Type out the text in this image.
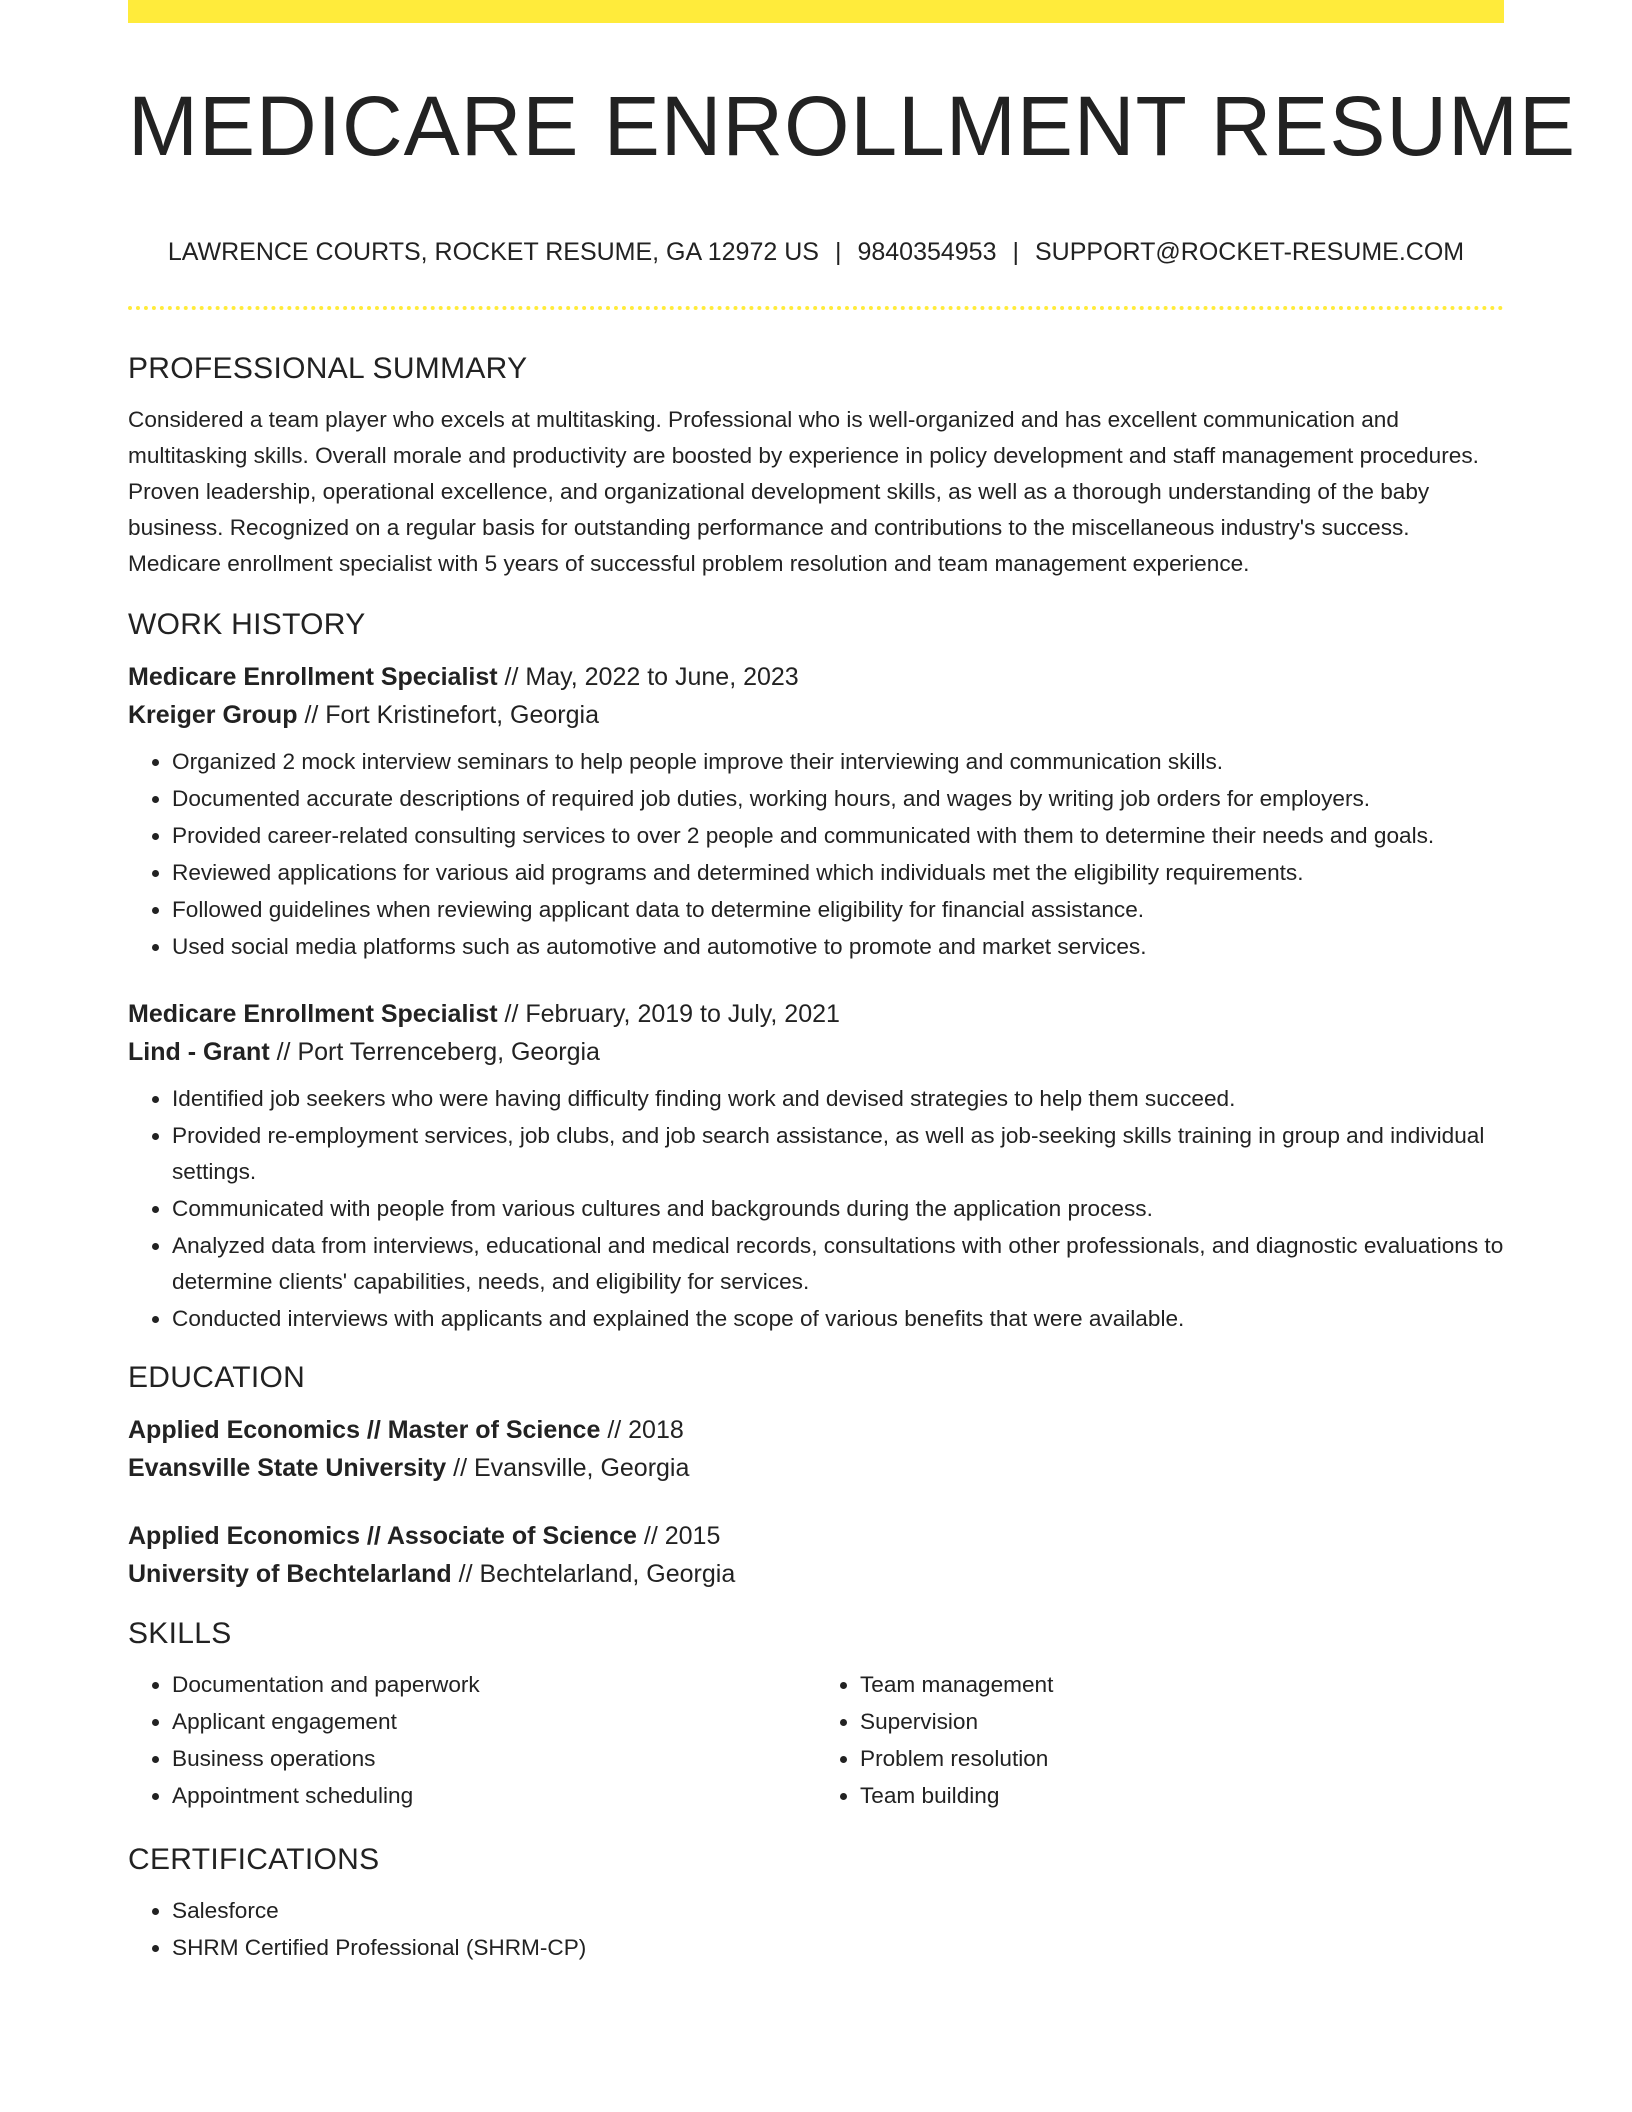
MEDICARE ENROLLMENT RESUME
LAWRENCE COURTS, ROCKET RESUME, GA 12972 US | 9840354953 | SUPPORT@ROCKET-RESUME.COM
PROFESSIONAL SUMMARY

Considered a team player who excels at multitasking. Professional who is well-organized and has excellent communication and multitasking skills. Overall morale and productivity are boosted by experience in policy development and staff management procedures. Proven leadership, operational excellence, and organizational development skills, as well as a thorough understanding of the baby business. Recognized on a regular basis for outstanding performance and contributions to the miscellaneous industry's success. Medicare enrollment specialist with 5 years of successful problem resolution and team management experience.

WORK HISTORY
Medicare Enrollment Specialist // May, 2022 to June, 2023
Kreiger Group // Fort Kristinefort, Georgia
• Organized 2 mock interview seminars to help people improve their interviewing and communication skills.
• Documented accurate descriptions of required job duties, working hours, and wages by writing job orders for employers.
• Provided career-related consulting services to over 2 people and communicated with them to determine their needs and goals.
• Reviewed applications for various aid programs and determined which individuals met the eligibility requirements.
• Followed guidelines when reviewing applicant data to determine eligibility for financial assistance.
• Used social media platforms such as automotive and automotive to promote and market services.
Medicare Enrollment Specialist // February, 2019 to July, 2021
Lind - Grant // Port Terrenceberg, Georgia
• Identified job seekers who were having difficulty finding work and devised strategies to help them succeed.
• Provided re-employment services, job clubs, and job search assistance, as well as job-seeking skills training in group and individual settings.
• Communicated with people from various cultures and backgrounds during the application process.
• Analyzed data from interviews, educational and medical records, consultations with other professionals, and diagnostic evaluations to determine clients' capabilities, needs, and eligibility for services.
• Conducted interviews with applicants and explained the scope of various benefits that were available.
EDUCATION
Applied Economics // Master of Science // 2018
Evansville State University // Evansville, Georgia
Applied Economics // Associate of Science // 2015
University of Bechtelarland // Bechtelarland, Georgia
SKILLS
• Documentation and paperwork
• Applicant engagement
• Business operations
• Appointment scheduling
• Team management
• Supervision
• Problem resolution
• Team building
CERTIFICATIONS
• Salesforce
• SHRM Certified Professional (SHRM-CP)
